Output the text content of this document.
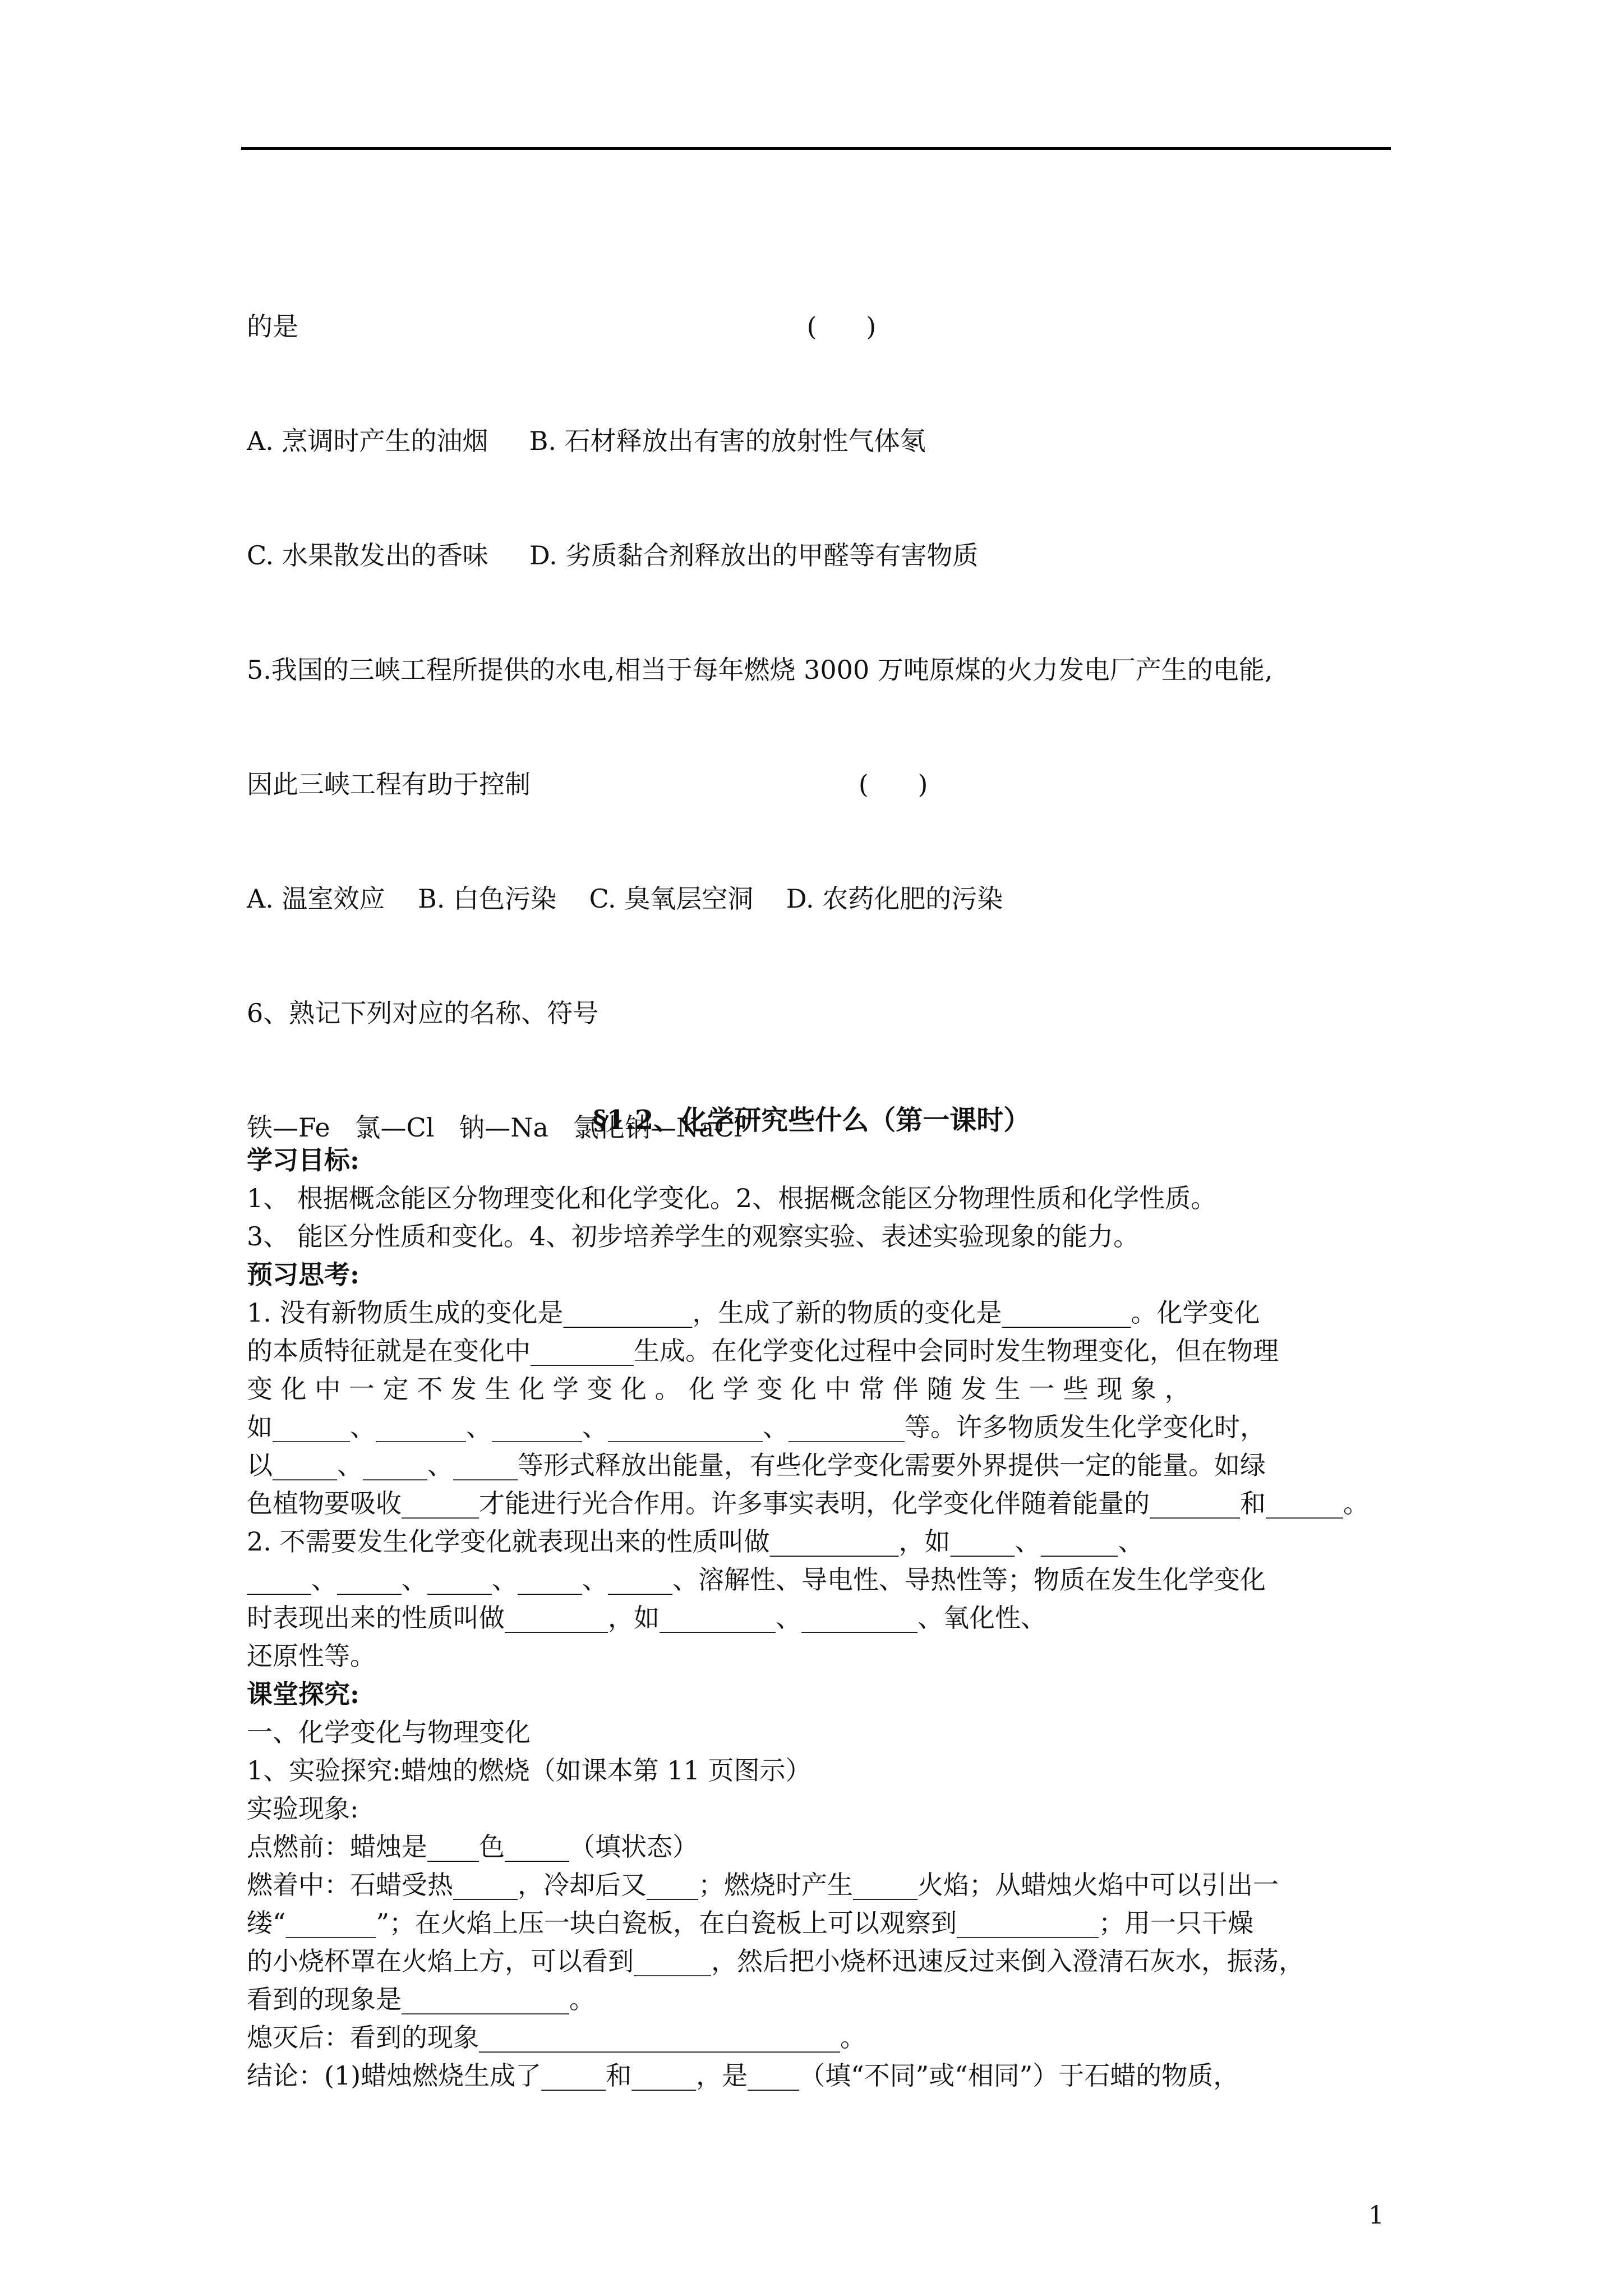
的是                                                              (      )

A. 烹调时产生的油烟     B. 石材释放出有害的放射性气体氡

C. 水果散发出的香味     D. 劣质黏合剂释放出的甲醛等有害物质

5.我国的三峡工程所提供的水电,相当于每年燃烧 3000 万吨原煤的火力发电厂产生的电能,

因此三峡工程有助于控制                                        (      )

A. 温室效应    B. 白色污染    C. 臭氧层空洞    D. 农药化肥的污染

6、熟记下列对应的名称、符号

铁—Fe   氯—Cl   钠—Na   氯化钠—NaCl

§1.2、化学研究些什么（第一课时）
学习目标:
1、 根据概念能区分物理变化和化学变化。2、根据概念能区分物理性质和化学性质。
3、 能区分性质和变化。4、初步培养学生的观察实验、表述实验现象的能力。
预习思考:
1. 没有新物质生成的变化是__________，生成了新的物质的变化是__________。化学变化
的本质特征就是在变化中________生成。在化学变化过程中会同时发生物理变化，但在物理
变 化 中 一 定 不 发 生 化 学 变 化 。 化 学 变 化 中 常 伴 随 发 生 一 些 现 象 ，
如______、_______、_______、____________、_________等。许多物质发生化学变化时，
以_____、_____、_____等形式释放出能量，有些化学变化需要外界提供一定的能量。如绿
色植物要吸收______才能进行光合作用。许多事实表明，化学变化伴随着能量的_______和______。
2. 不需要发生化学变化就表现出来的性质叫做__________，如_____、______、
_____、_____、_____、_____、_____、溶解性、导电性、导热性等；物质在发生化学变化
时表现出来的性质叫做________，如_________、_________、氧化性、
还原性等。
课堂探究:
一、化学变化与物理变化
1、实验探究:蜡烛的燃烧（如课本第 11 页图示）
实验现象:
点燃前：蜡烛是____色_____（填状态）
燃着中：石蜡受热_____，冷却后又____；燃烧时产生_____火焰；从蜡烛火焰中可以引出一
缕“_______”；在火焰上压一块白瓷板，在白瓷板上可以观察到___________；用一只干燥
的小烧杯罩在火焰上方，可以看到______，然后把小烧杯迅速反过来倒入澄清石灰水，振荡，
看到的现象是_____________。
熄灭后：看到的现象____________________________。
结论：(1)蜡烛燃烧生成了_____和_____，是____（填“不同”或“相同”）于石蜡的物质，
1
